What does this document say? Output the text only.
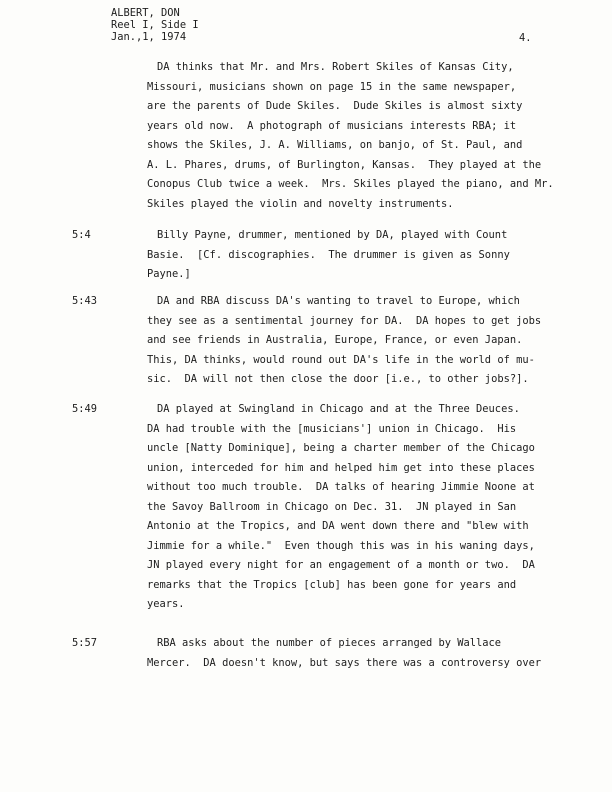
ALBERT, DON
Reel I, Side I
Jan.,1, 1974	4.
DA thinks that Mr. and Mrs. Robert Skiles of Kansas City,
Missouri, musicians shown on page 15 in the same newspaper,
are the parents of Dude Skiles.  Dude Skiles is almost sixty
years old now.  A photograph of musicians interests RBA; it
shows the Skiles, J. A. Williams, on banjo, of St. Paul, and
A. L. Phares, drums, of Burlington, Kansas.  They played at the
Conopus Club twice a week.  Mrs. Skiles played the piano, and Mr.
Skiles played the violin and novelty instruments.
5:4	Billy Payne, drummer, mentioned by DA, played with Count
Basie.  [Cf. discographies.  The drummer is given as Sonny
Payne.]
5:43	DA and RBA discuss DA's wanting to travel to Europe, which
they see as a sentimental journey for DA.  DA hopes to get jobs
and see friends in Australia, Europe, France, or even Japan.
This, DA thinks, would round out DA's life in the world of mu-
sic.  DA will not then close the door [i.e., to other jobs?].
5:49	DA played at Swingland in Chicago and at the Three Deuces.
DA had trouble with the [musicians'] union in Chicago.  His
uncle [Natty Dominique], being a charter member of the Chicago
union, interceded for him and helped him get into these places
without too much trouble.  DA talks of hearing Jimmie Noone at
the Savoy Ballroom in Chicago on Dec. 31.  JN played in San
Antonio at the Tropics, and DA went down there and "blew with
Jimmie for a while."  Even though this was in his waning days,
JN played every night for an engagement of a month or two.  DA
remarks that the Tropics [club] has been gone for years and
years.
5:57	RBA asks about the number of pieces arranged by Wallace
Mercer.  DA doesn't know, but says there was a controversy over
